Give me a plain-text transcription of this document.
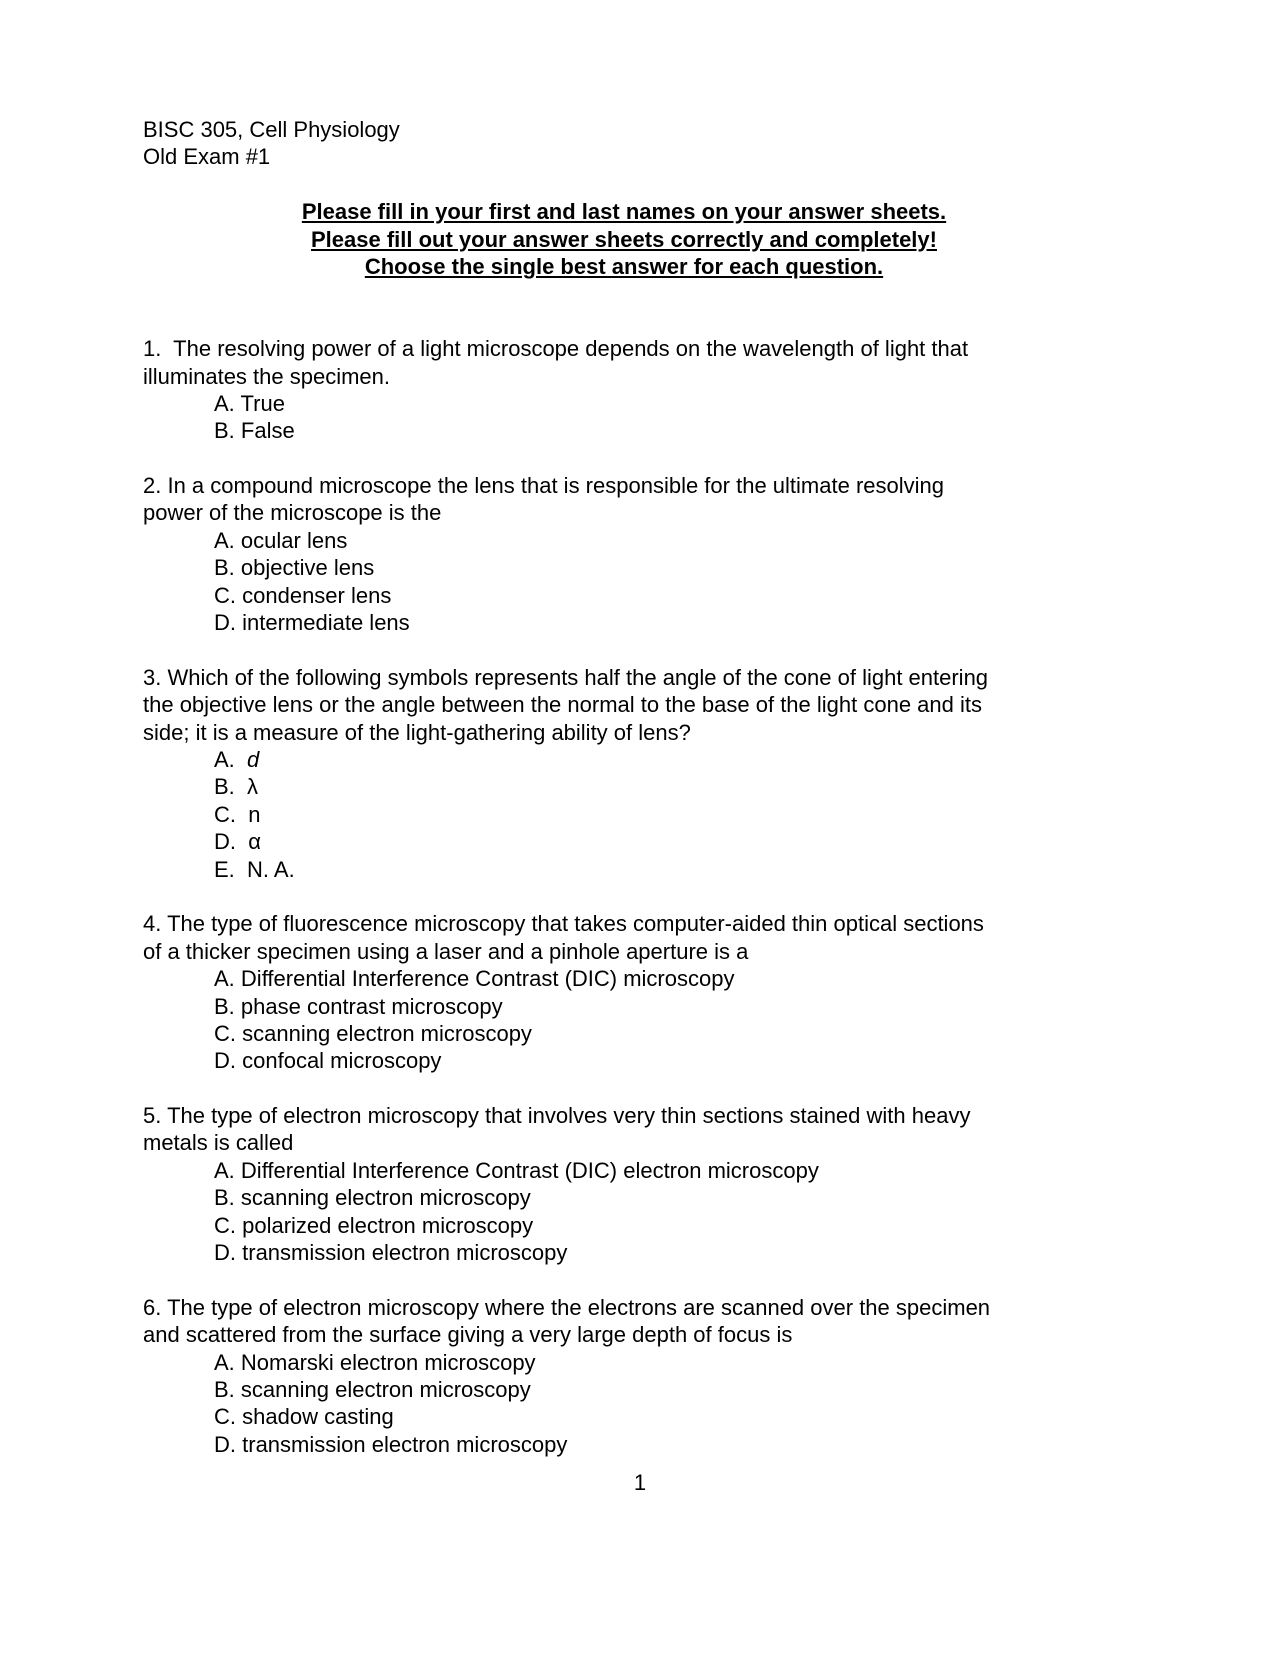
BISC 305, Cell Physiology
Old Exam #1
Please fill in your first and last names on your answer sheets.
Please fill out your answer sheets correctly and completely!
Choose the single best answer for each question.
1.  The resolving power of a light microscope depends on the wavelength of light that
illuminates the specimen.
A. True
B. False
2. In a compound microscope the lens that is responsible for the ultimate resolving
power of the microscope is the
A. ocular lens
B. objective lens
C. condenser lens
D. intermediate lens
3. Which of the following symbols represents half the angle of the cone of light entering
the objective lens or the angle between the normal to the base of the light cone and its
side; it is a measure of the light-gathering ability of lens?
A.  d
B.  λ
C.  n
D.  α
E.  N. A.
4. The type of fluorescence microscopy that takes computer-aided thin optical sections
of a thicker specimen using a laser and a pinhole aperture is a
A. Differential Interference Contrast (DIC) microscopy
B. phase contrast microscopy
C. scanning electron microscopy
D. confocal microscopy
5. The type of electron microscopy that involves very thin sections stained with heavy
metals is called
A. Differential Interference Contrast (DIC) electron microscopy
B. scanning electron microscopy
C. polarized electron microscopy
D. transmission electron microscopy
6. The type of electron microscopy where the electrons are scanned over the specimen
and scattered from the surface giving a very large depth of focus is
A. Nomarski electron microscopy
B. scanning electron microscopy
C. shadow casting
D. transmission electron microscopy
1
